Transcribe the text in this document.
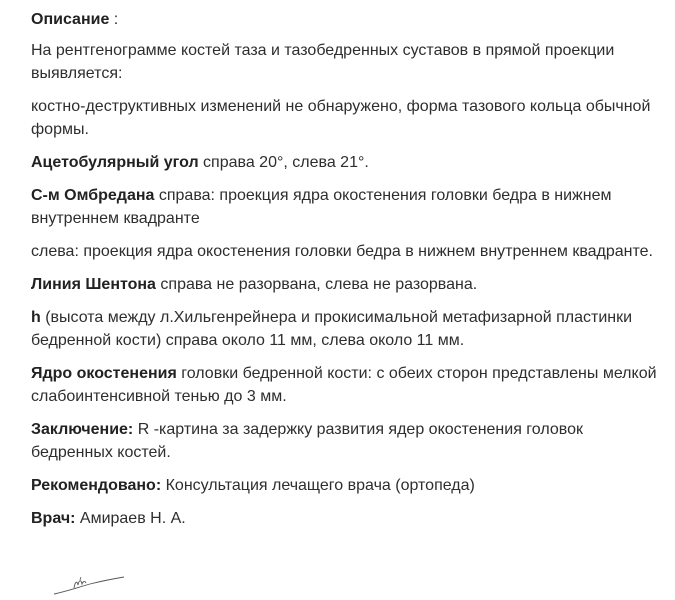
Описание :

На рентгенограмме костей таза и тазобедренных суставов в прямой проекции выявляется:

костно-деструктивных изменений не обнаружено, форма тазового кольца обычной формы.

Ацетобулярный угол справа 20°, слева 21°.

С-м Омбредана справа: проекция ядра окостенения головки бедра в нижнем внутреннем квадранте

слева: проекция ядра окостенения головки бедра в нижнем внутреннем квадранте.

Линия Шентона справа не разорвана, слева не разорвана.

h (высота между л.Хильгенрейнера и прокисимальной метафизарной пластинки бедренной кости) справа около 11 мм, слева около 11 мм.

Ядро окостенения головки бедренной кости: с обеих сторон представлены мелкой слабоинтенсивной тенью до 3 мм.

Заключение: R -картина за задержку развития ядер окостенения головок бедренных костей.

Рекомендовано: Консультация лечащего врача (ортопеда)

Врач: Амираев Н. А.
